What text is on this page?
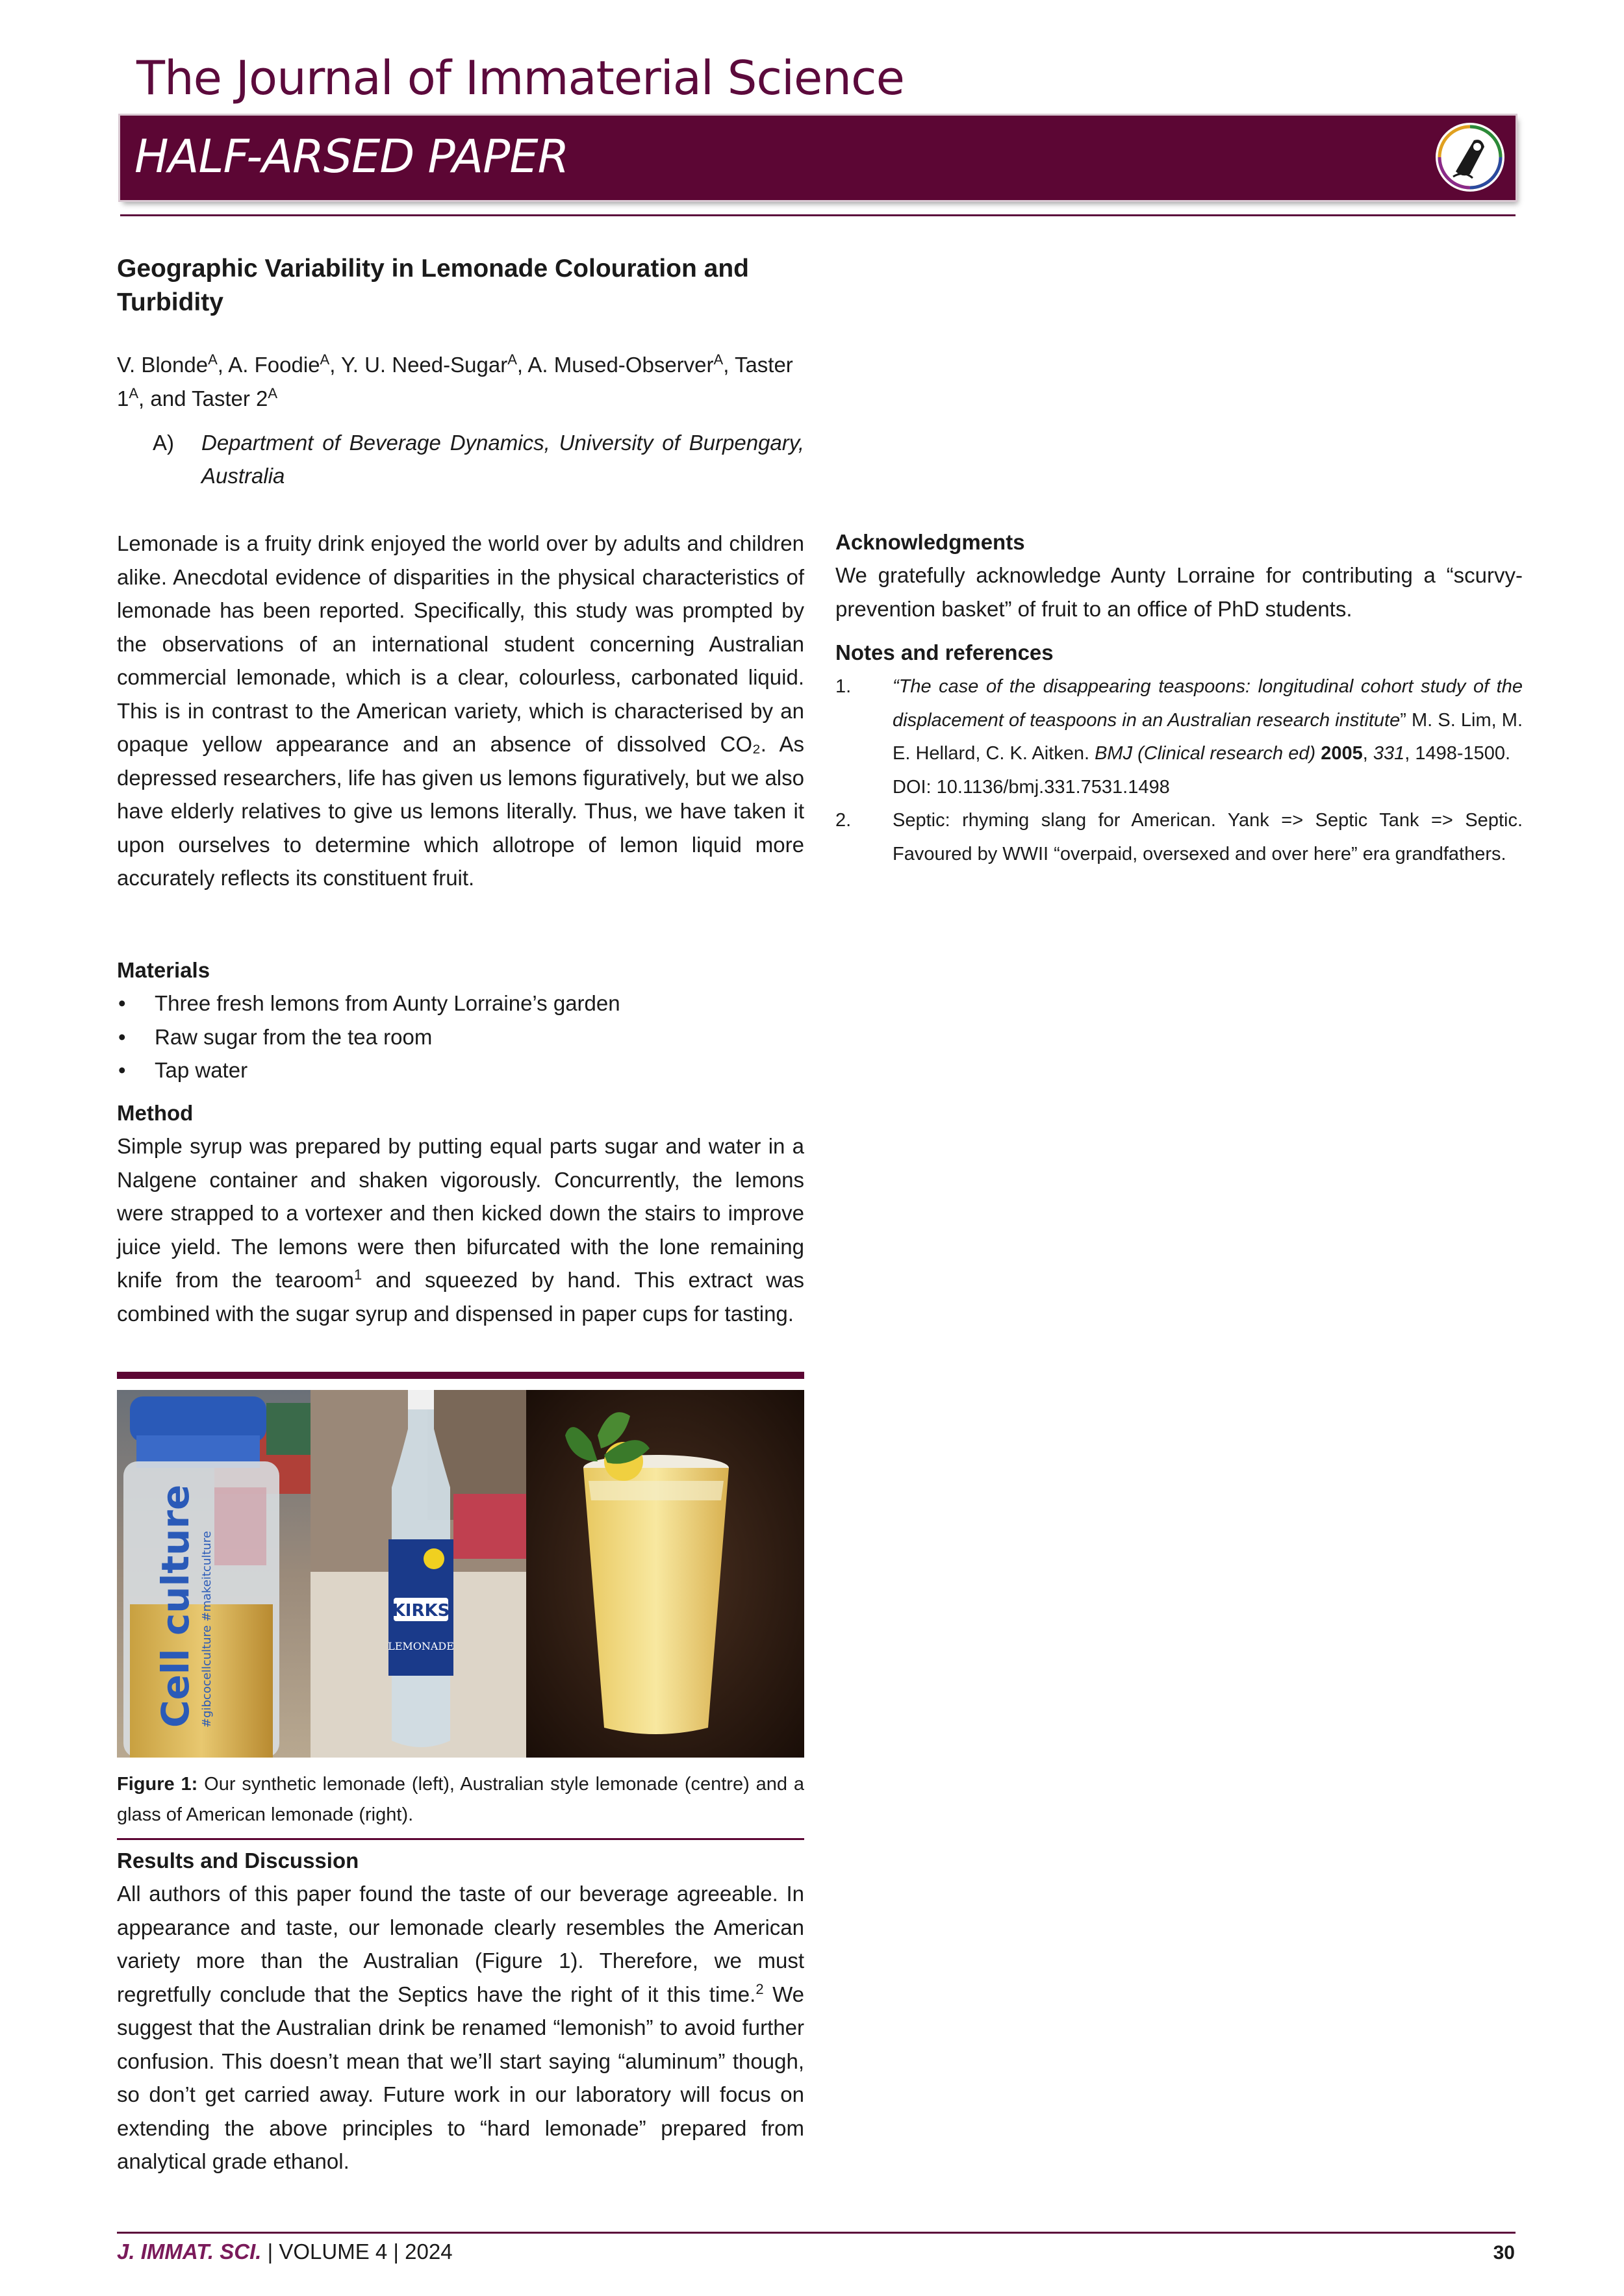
The Journal of Immaterial Science
HALF-ARSED PAPER
Geographic Variability in Lemonade Colouration and Turbidity
V. Blonde$^A$, A. Foodie$^A$, Y. U. Need-Sugar$^A$, A. Mused-Observer$^A$, Taster $1^A$, and Taster $2^A$
A)	Department of Beverage Dynamics, University of Burpengary, Australia
Lemonade is a fruity drink enjoyed the world over by adults and children alike. Anecdotal evidence of disparities in the physical characteristics of lemonade has been reported. Specifically, this study was prompted by the observations of an international student concerning Australian commercial lemonade, which is a clear, colourless, carbonated liquid. This is in contrast to the American variety, which is characterised by an opaque yellow appearance and an absence of dissolved CO₂. As depressed researchers, life has given us lemons figuratively, but we also have elderly relatives to give us lemons literally. Thus, we have taken it upon ourselves to determine which allotrope of lemon liquid more accurately reflects its constituent fruit.
Materials
• Three fresh lemons from Aunty Lorraine’s garden
• Raw sugar from the tea room
• Tap water
Method
Simple syrup was prepared by putting equal parts sugar and water in a Nalgene container and shaken vigorously. Concurrently, the lemons were strapped to a vortexer and then kicked down the stairs to improve juice yield. The lemons were then bifurcated with the lone remaining knife from the tearoom$^1$ and squeezed by hand. This extract was combined with the sugar syrup and dispensed in paper cups for tasting.
Cell culture #gibcocellculture #makeitculture	KIRKS
LEMONADE
Figure 1: Our synthetic lemonade (left), Australian style lemonade (centre) and a glass of American lemonade (right).
Results and Discussion
All authors of this paper found the taste of our beverage agreeable. In appearance and taste, our lemonade clearly resembles the American variety more than the Australian (Figure 1). Therefore, we must regretfully conclude that the Septics have the right of it this time.$^2$ We suggest that the Australian drink be renamed “lemonish” to avoid further confusion. This doesn’t mean that we’ll start saying “aluminum” though, so don’t get carried away. Future work in our laboratory will focus on extending the above principles to “hard lemonade” prepared from analytical grade ethanol.
Acknowledgments
We gratefully acknowledge Aunty Lorraine for contributing a “scurvy-prevention basket” of fruit to an office of PhD students.
Notes and references
1. “The case of the disappearing teaspoons: longitudinal cohort study of the displacement of teaspoons in an Australian research institute” M. S. Lim, M. E. Hellard, C. K. Aitken. BMJ (Clinical research ed) 2005, 331, 1498-1500.
DOI: 10.1136/bmj.331.7531.1498
2. Septic: rhyming slang for American. Yank => Septic Tank => Septic. Favoured by WWII “overpaid, oversexed and over here” era grandfathers.
J. IMMAT. SCI. | VOLUME 4 | 2024	30
